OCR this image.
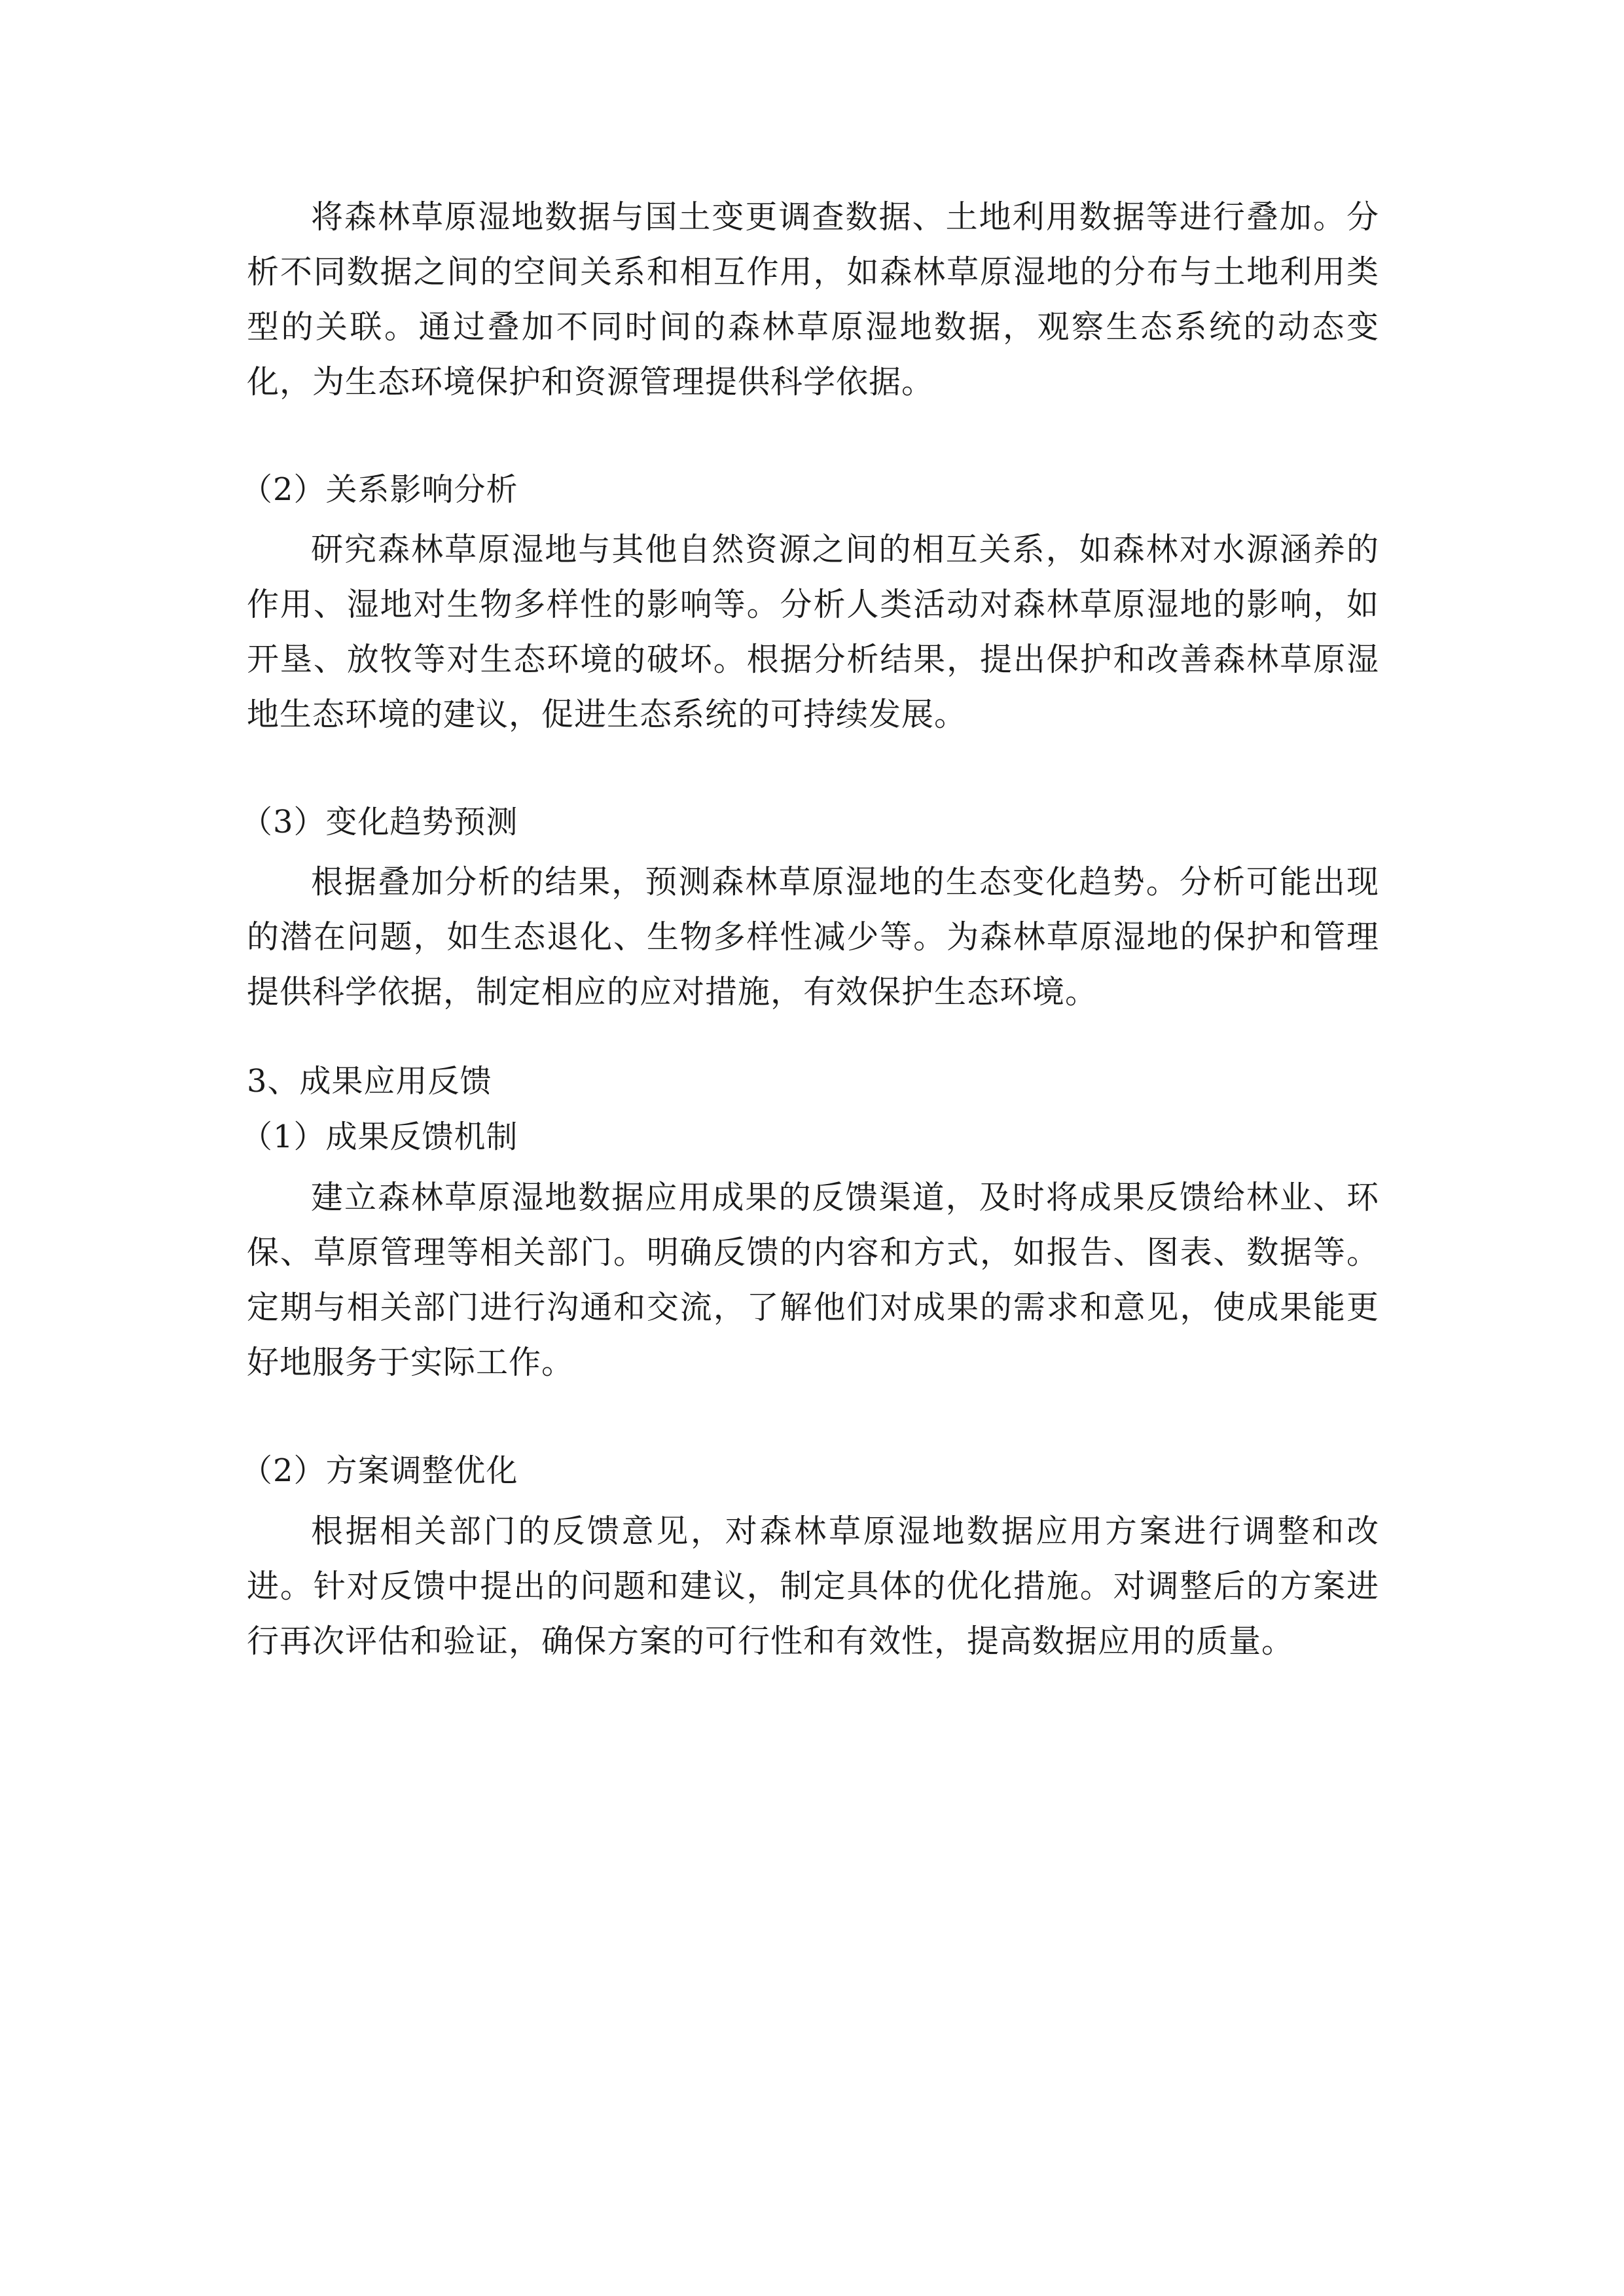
将森林草原湿地数据与国土变更调查数据、土地利用数据等进行叠加。分析不同数据之间的空间关系和相互作用，如森林草原湿地的分布与土地利用类型的关联。通过叠加不同时间的森林草原湿地数据，观察生态系统的动态变化，为生态环境保护和资源管理提供科学依据。

（2）关系影响分析

研究森林草原湿地与其他自然资源之间的相互关系，如森林对水源涵养的作用、湿地对生物多样性的影响等。分析人类活动对森林草原湿地的影响，如开垦、放牧等对生态环境的破坏。根据分析结果，提出保护和改善森林草原湿地生态环境的建议，促进生态系统的可持续发展。

（3）变化趋势预测

根据叠加分析的结果，预测森林草原湿地的生态变化趋势。分析可能出现的潜在问题，如生态退化、生物多样性减少等。为森林草原湿地的保护和管理提供科学依据，制定相应的应对措施，有效保护生态环境。

3、成果应用反馈

（1）成果反馈机制

建立森林草原湿地数据应用成果的反馈渠道，及时将成果反馈给林业、环保、草原管理等相关部门。明确反馈的内容和方式，如报告、图表、数据等。定期与相关部门进行沟通和交流，了解他们对成果的需求和意见，使成果能更好地服务于实际工作。

（2）方案调整优化

根据相关部门的反馈意见，对森林草原湿地数据应用方案进行调整和改进。针对反馈中提出的问题和建议，制定具体的优化措施。对调整后的方案进行再次评估和验证，确保方案的可行性和有效性，提高数据应用的质量。
